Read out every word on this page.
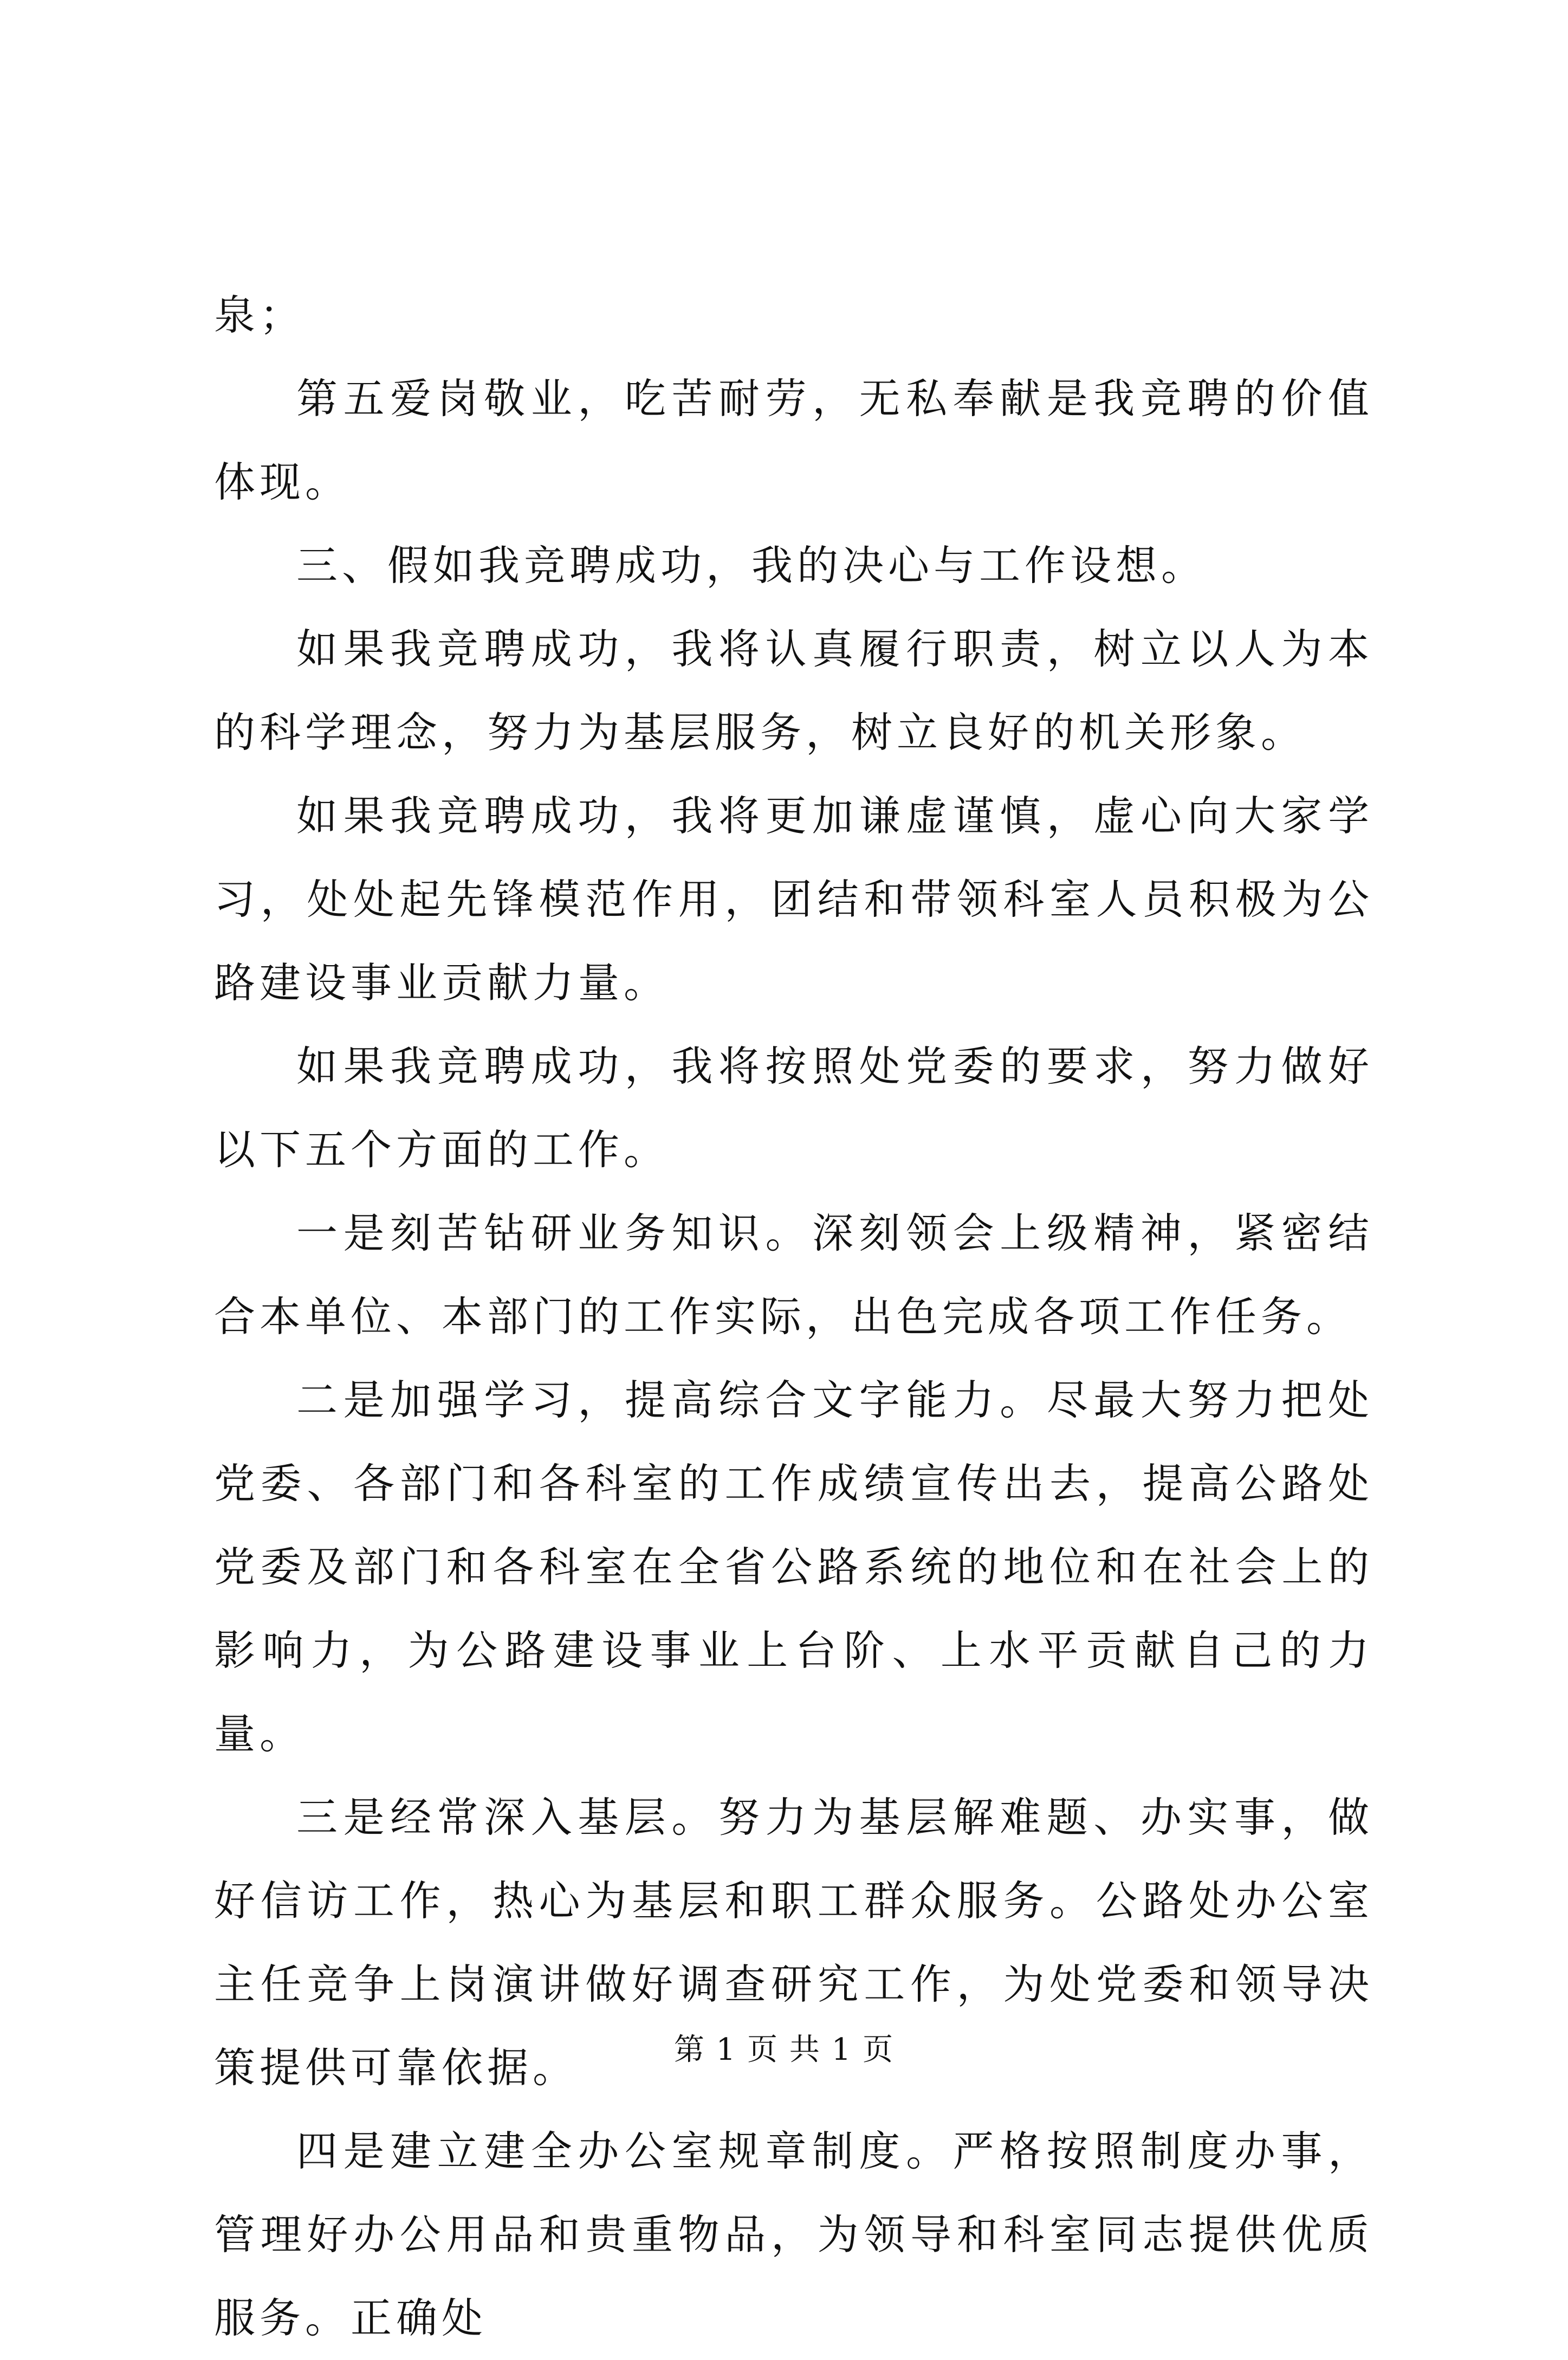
泉；

第五爱岗敬业，吃苦耐劳，无私奉献是我竞聘的价值体现。

三、假如我竞聘成功，我的决心与工作设想。

如果我竞聘成功，我将认真履行职责，树立以人为本的科学理念，努力为基层服务，树立良好的机关形象。

如果我竞聘成功，我将更加谦虚谨慎，虚心向大家学习，处处起先锋模范作用，团结和带领科室人员积极为公路建设事业贡献力量。

如果我竞聘成功，我将按照处党委的要求，努力做好以下五个方面的工作。

一是刻苦钻研业务知识。深刻领会上级精神，紧密结合本单位、本部门的工作实际，出色完成各项工作任务。

二是加强学习，提高综合文字能力。尽最大努力把处党委、各部门和各科室的工作成绩宣传出去，提高公路处党委及部门和各科室在全省公路系统的地位和在社会上的影响力，为公路建设事业上台阶、上水平贡献自己的力量。

三是经常深入基层。努力为基层解难题、办实事，做好信访工作，热心为基层和职工群众服务。公路处办公室主任竞争上岗演讲做好调查研究工作，为处党委和领导决策提供可靠依据。

四是建立建全办公室规章制度。严格按照制度办事，管理好办公用品和贵重物品，为领导和科室同志提供优质服务。正确处

第 1 页 共 1 页
